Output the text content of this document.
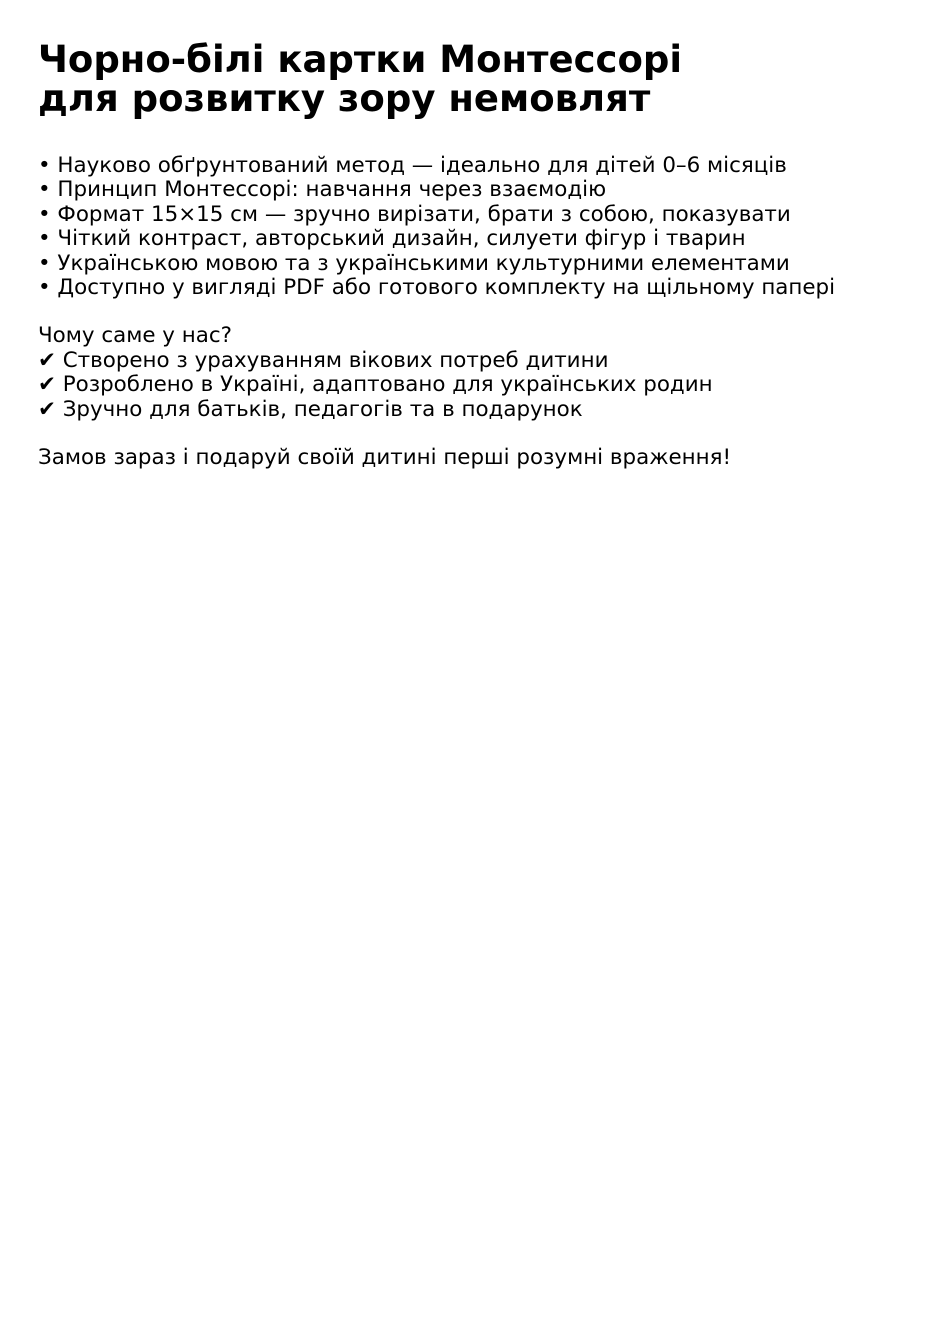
Чорно-білі картки Монтессорі
для розвитку зору немовлят
• Науково обґрунтований метод — ідеально для дітей 0–6 місяців
• Принцип Монтессорі: навчання через взаємодію
• Формат 15×15 см — зручно вирізати, брати з собою, показувати
• Чіткий контраст, авторський дизайн, силуети фігур і тварин
• Українською мовою та з українськими культурними елементами
• Доступно у вигляді PDF або готового комплекту на щільному папері
Чому саме у нас?
✔ Створено з урахуванням вікових потреб дитини
✔ Розроблено в Україні, адаптовано для українських родин
✔ Зручно для батьків, педагогів та в подарунок
Замов зараз і подаруй своїй дитині перші розумні враження!
